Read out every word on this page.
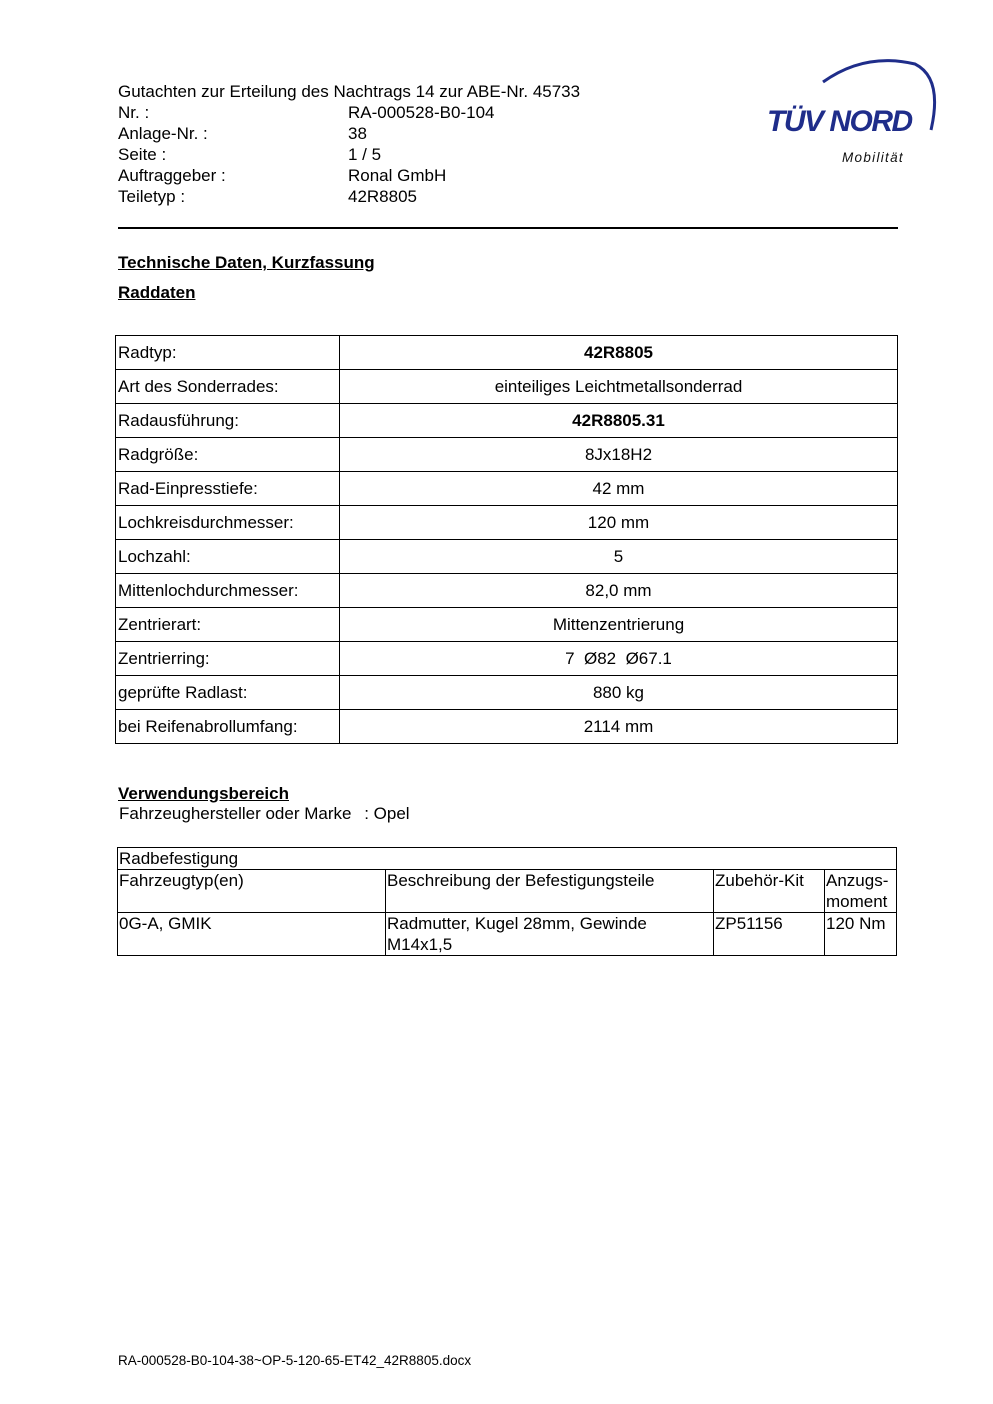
Gutachten zur Erteilung des Nachtrags 14 zur ABE-Nr. 45733
Nr. :	RA-000528-B0-104
Anlage-Nr. :	38
Seite :	1 / 5
Auftraggeber :	Ronal GmbH
Teiletyp :	42R8805
TÜV NORD
Mobilität
Technische Daten, Kurzfassung
Raddaten
Radtyp:	42R8805
Art des Sonderrades:	einteiliges Leichtmetallsonderrad
Radausführung:	42R8805.31
Radgröße:	8Jx18H2
Rad-Einpresstiefe:	42 mm
Lochkreisdurchmesser:	120 mm
Lochzahl:	5
Mittenlochdurchmesser:	82,0 mm
Zentrierart:	Mittenzentrierung
Zentrierring:	7  Ø82  Ø67.1
geprüfte Radlast:	880 kg
bei Reifenabrollumfang:	2114 mm
Verwendungsbereich
Fahrzeughersteller oder Marke : Opel
Radbefestigung			
Fahrzeugtyp(en)	Beschreibung der Befestigungsteile	Zubehör-Kit	Anzugs-moment
0G-A, GMIK	Radmutter, Kugel 28mm, Gewinde M14x1,5	ZP51156	120 Nm
RA-000528-B0-104-38~OP-5-120-65-ET42_42R8805.docx
